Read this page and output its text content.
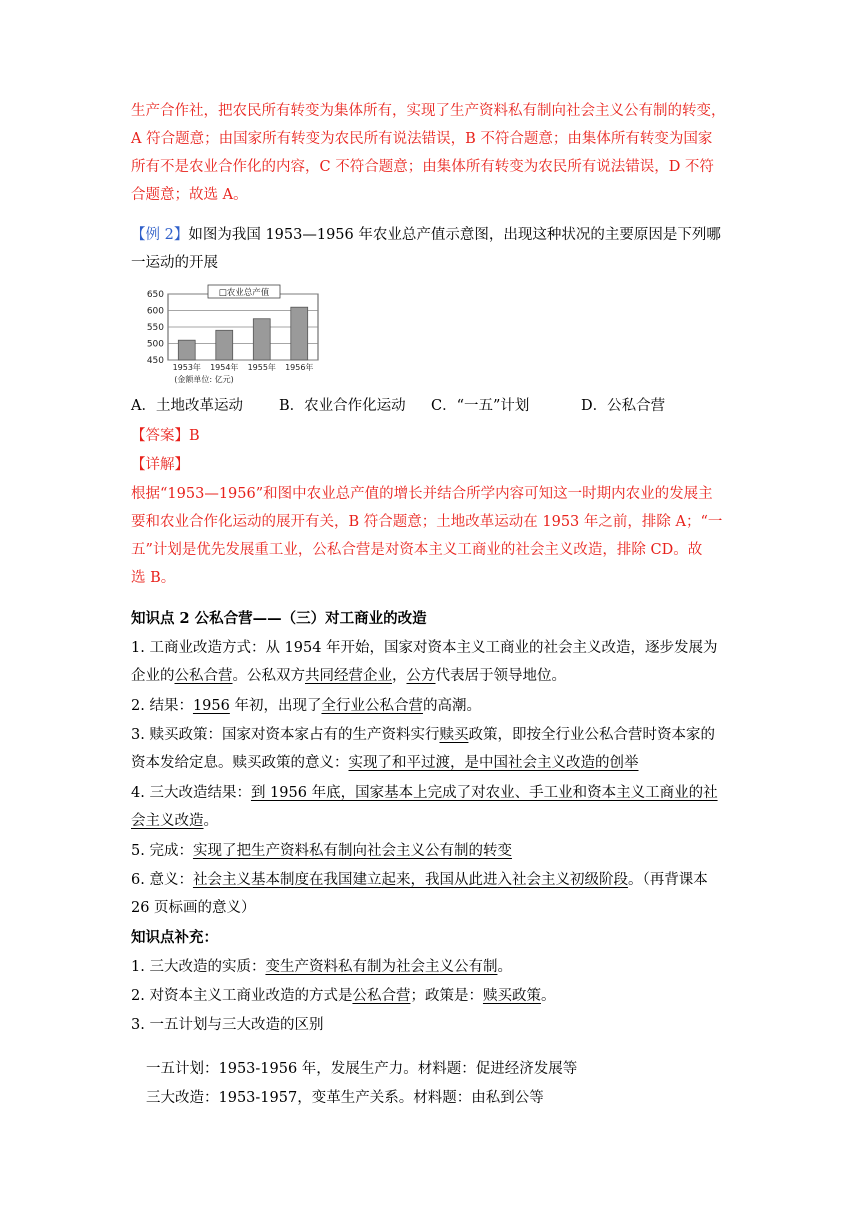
生产合作社，把农民所有转变为集体所有，实现了生产资料私有制向社会主义公有制的转变，
A 符合题意；由国家所有转变为农民所有说法错误，B 不符合题意；由集体所有转变为国家
所有不是农业合作化的内容，C 不符合题意；由集体所有转变为农民所有说法错误，D 不符
合题意；故选 A。

【例 2】如图为我国 1953—1956 年农业总产值示意图，出现这种状况的主要原因是下列哪
一运动的开展

650
600
550
500
450
□农业总产值
1953年 1954年 1955年 1956年
(金额单位: 亿元)
A．土地改革运动 B．农业合作化运动 C．“一五”计划	D．公私合营

【答案】B

【详解】

根据“1953—1956”和图中农业总产值的增长并结合所学内容可知这一时期内农业的发展主
要和农业合作化运动的展开有关，B 符合题意；土地改革运动在 1953 年之前，排除 A；“一
五”计划是优先发展重工业，公私合营是对资本主义工商业的社会主义改造，排除 CD。故
选 B。

知识点 2 公私合营——（三）对工商业的改造

1. 工商业改造方式：从 1954 年开始，国家对资本主义工商业的社会主义改造，逐步发展为
企业的公私合营。公私双方共同经营企业，公方代表居于领导地位。

2. 结果：1956 年初，出现了全行业公私合营的高潮。

3. 赎买政策：国家对资本家占有的生产资料实行赎买政策，即按全行业公私合营时资本家的
资本发给定息。赎买政策的意义：实现了和平过渡，是中国社会主义改造的创举

4. 三大改造结果：到 1956 年底，国家基本上完成了对农业、手工业和资本主义工商业的社
会主义改造。

5. 完成：实现了把生产资料私有制向社会主义公有制的转变

6. 意义：社会主义基本制度在我国建立起来，我国从此进入社会主义初级阶段。（再背课本
26 页标画的意义）

知识点补充：

1. 三大改造的实质：变生产资料私有制为社会主义公有制。

2. 对资本主义工商业改造的方式是公私合营；政策是：赎买政策。

3. 一五计划与三大改造的区别

一五计划：1953-1956 年，发展生产力。材料题：促进经济发展等

三大改造：1953-1957，变革生产关系。材料题：由私到公等
